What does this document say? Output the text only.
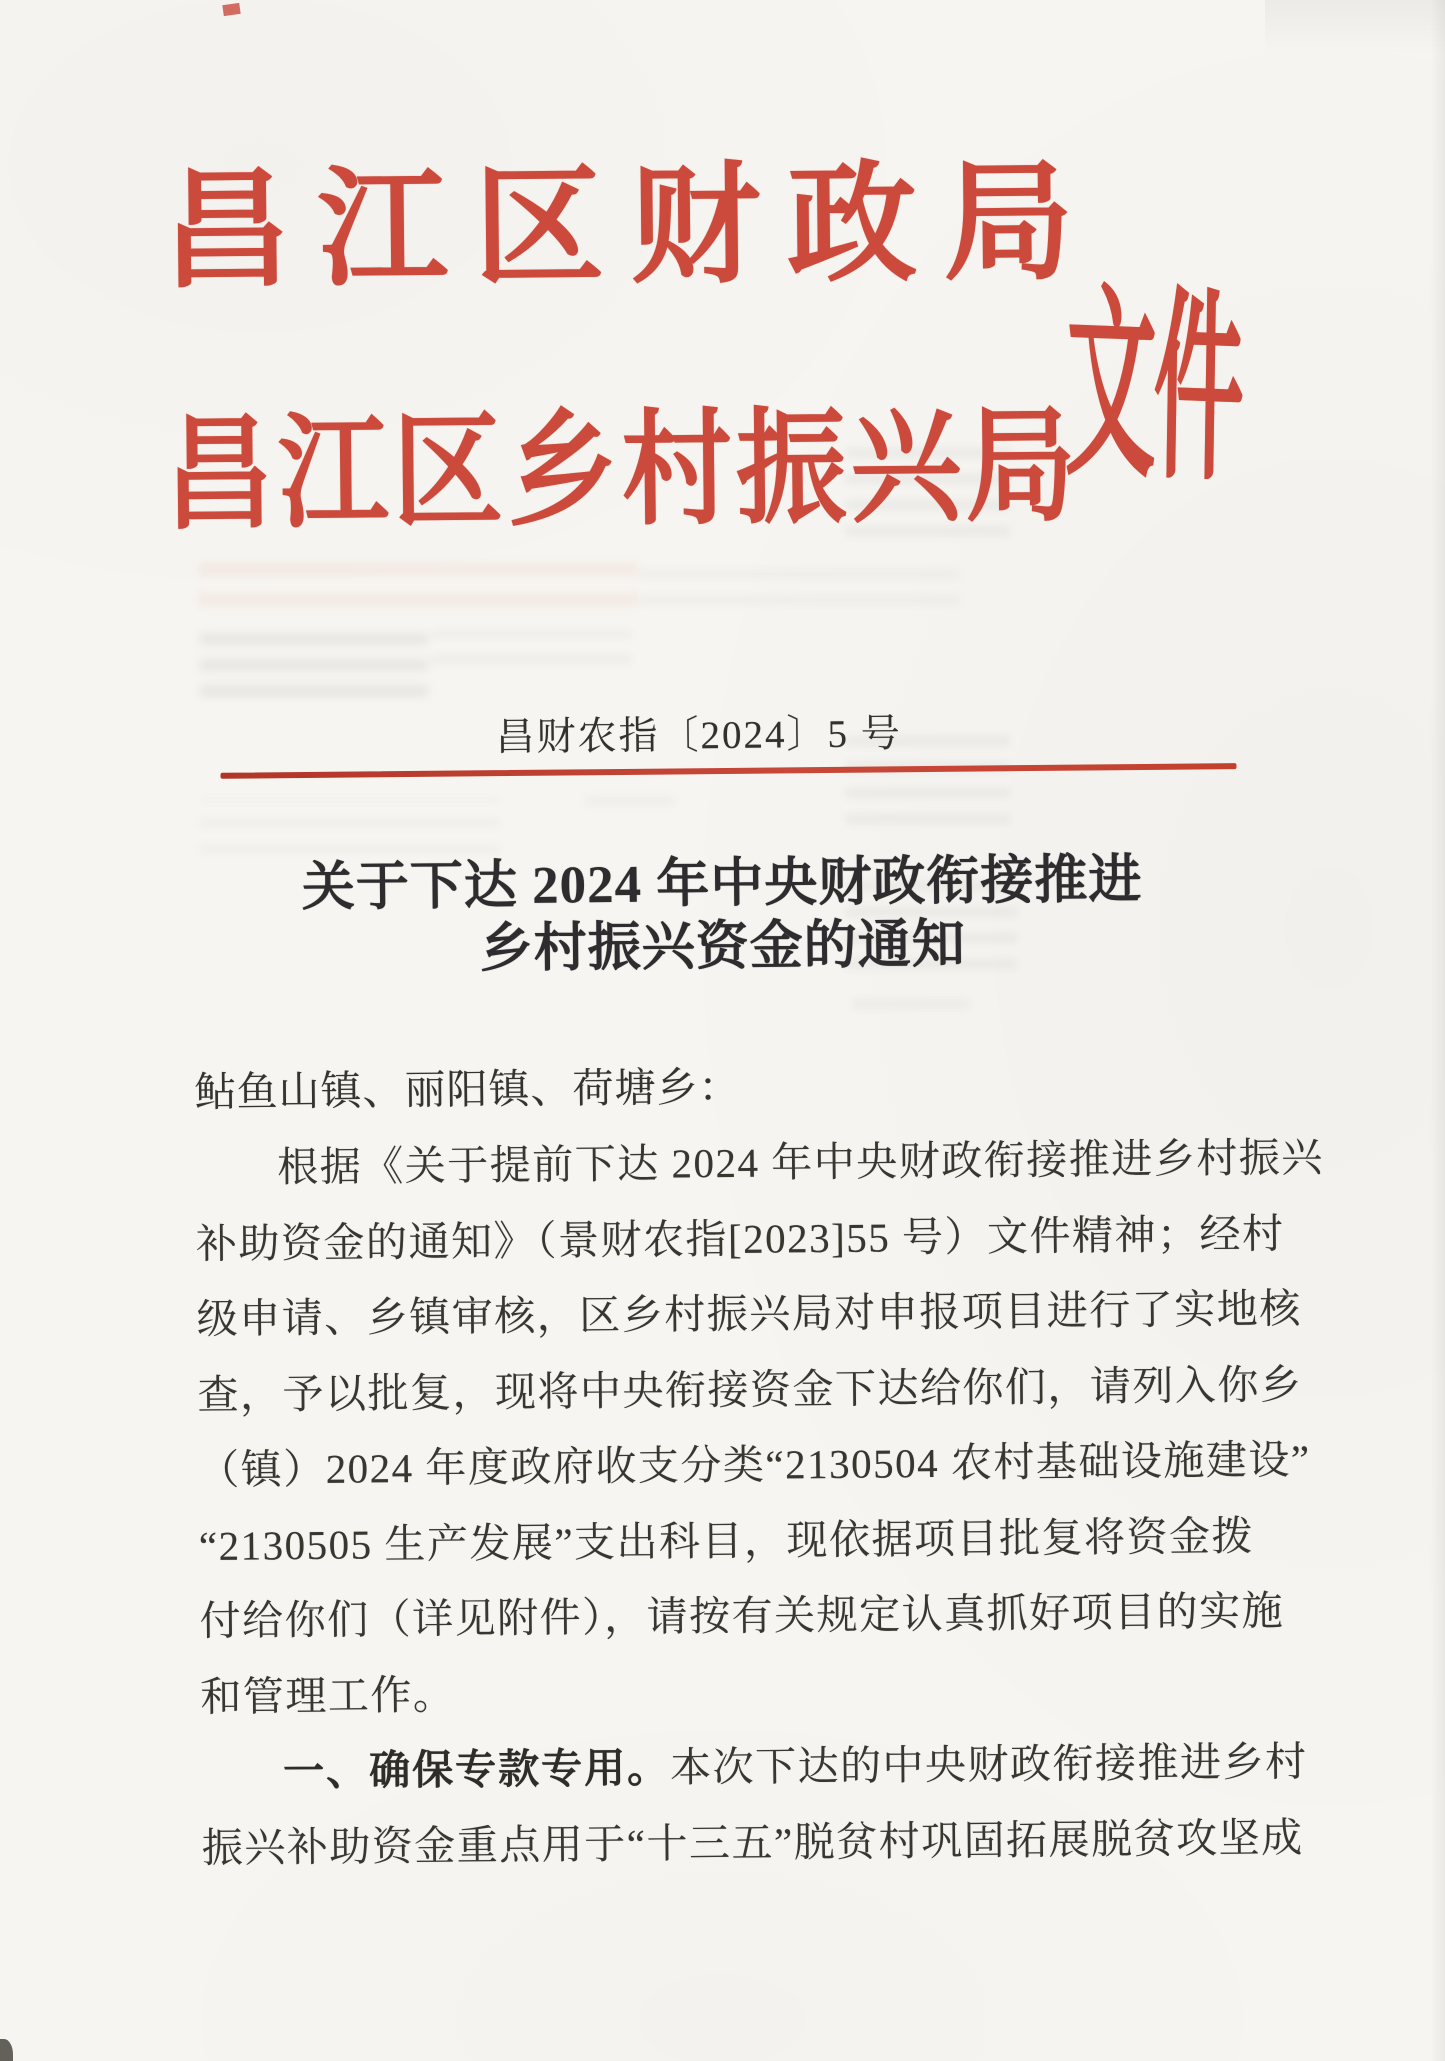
昌江区财政局
昌江区乡村振兴局
文件
昌财农指〔2024〕5 号
关于下达 2024 年中央财政衔接推进
乡村振兴资金的通知
鲇鱼山镇、丽阳镇、荷塘乡：
根据《关于提前下达 2024 年中央财政衔接推进乡村振兴
补助资金的通知》（景财农指[2023]55 号）文件精神；经村
级申请、乡镇审核，区乡村振兴局对申报项目进行了实地核
查，予以批复，现将中央衔接资金下达给你们，请列入你乡
（镇）2024 年度政府收支分类“2130504 农村基础设施建设”
“2130505 生产发展”支出科目，现依据项目批复将资金拨
付给你们（详见附件），请按有关规定认真抓好项目的实施
和管理工作。
一、确保专款专用。本次下达的中央财政衔接推进乡村
振兴补助资金重点用于“十三五”脱贫村巩固拓展脱贫攻坚成
